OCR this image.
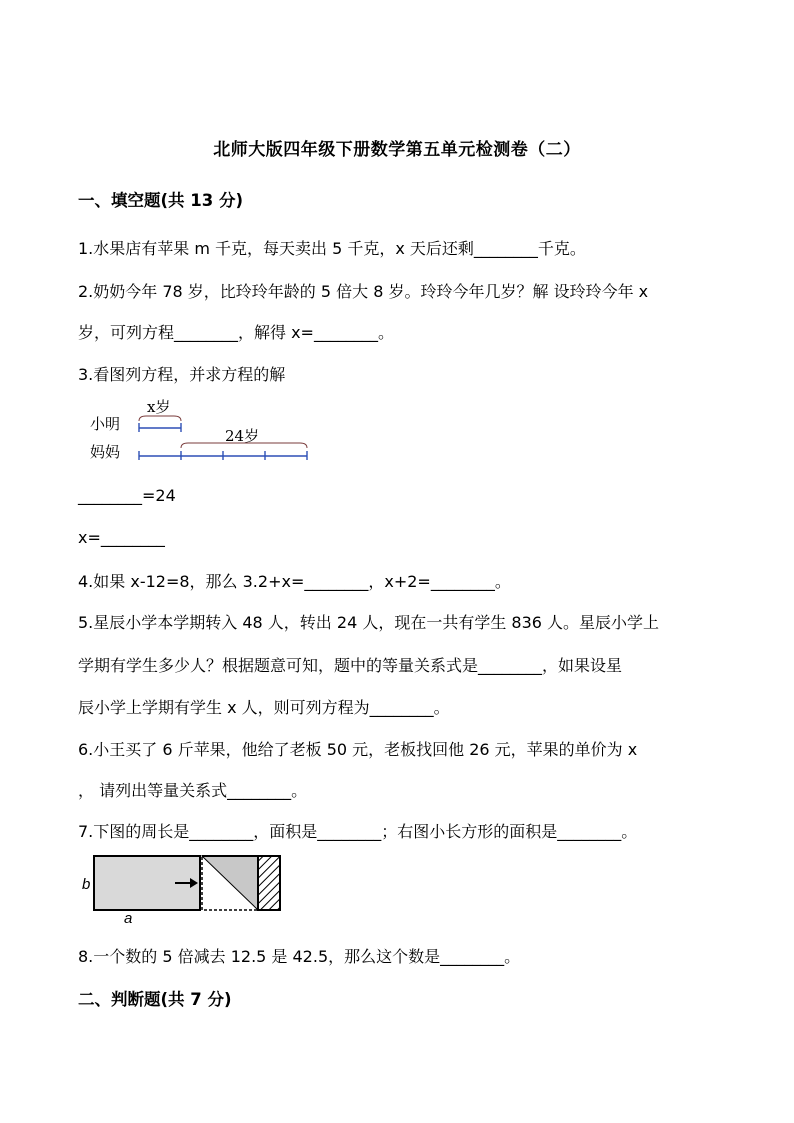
北师大版四年级下册数学第五单元检测卷（二）
一、填空题(共 13 分)
1.水果店有苹果 m 千克，每天卖出 5 千克，x 天后还剩________千克。
2.奶奶今年 78 岁，比玲玲年龄的 5 倍大 8 岁。玲玲今年几岁？解 设玲玲今年 x
岁，可列方程________，解得 x=________。
3.看图列方程，并求方程的解
小明
妈妈
x岁
24岁
________=24
x=________
4.如果 x-12=8，那么 3.2+x=________，x+2=________。
5.星辰小学本学期转入 48 人，转出 24 人，现在一共有学生 836 人。星辰小学上
学期有学生多少人？根据题意可知，题中的等量关系式是________，如果设星
辰小学上学期有学生 x 人，则可列方程为________。
6.小王买了 6 斤苹果，他给了老板 50 元，老板找回他 26 元，苹果的单价为 x
， 请列出等量关系式________。
7.下图的周长是________，面积是________；右图小长方形的面积是________。
b
a
8.一个数的 5 倍减去 12.5 是 42.5，那么这个数是________。
二、判断题(共 7 分)
